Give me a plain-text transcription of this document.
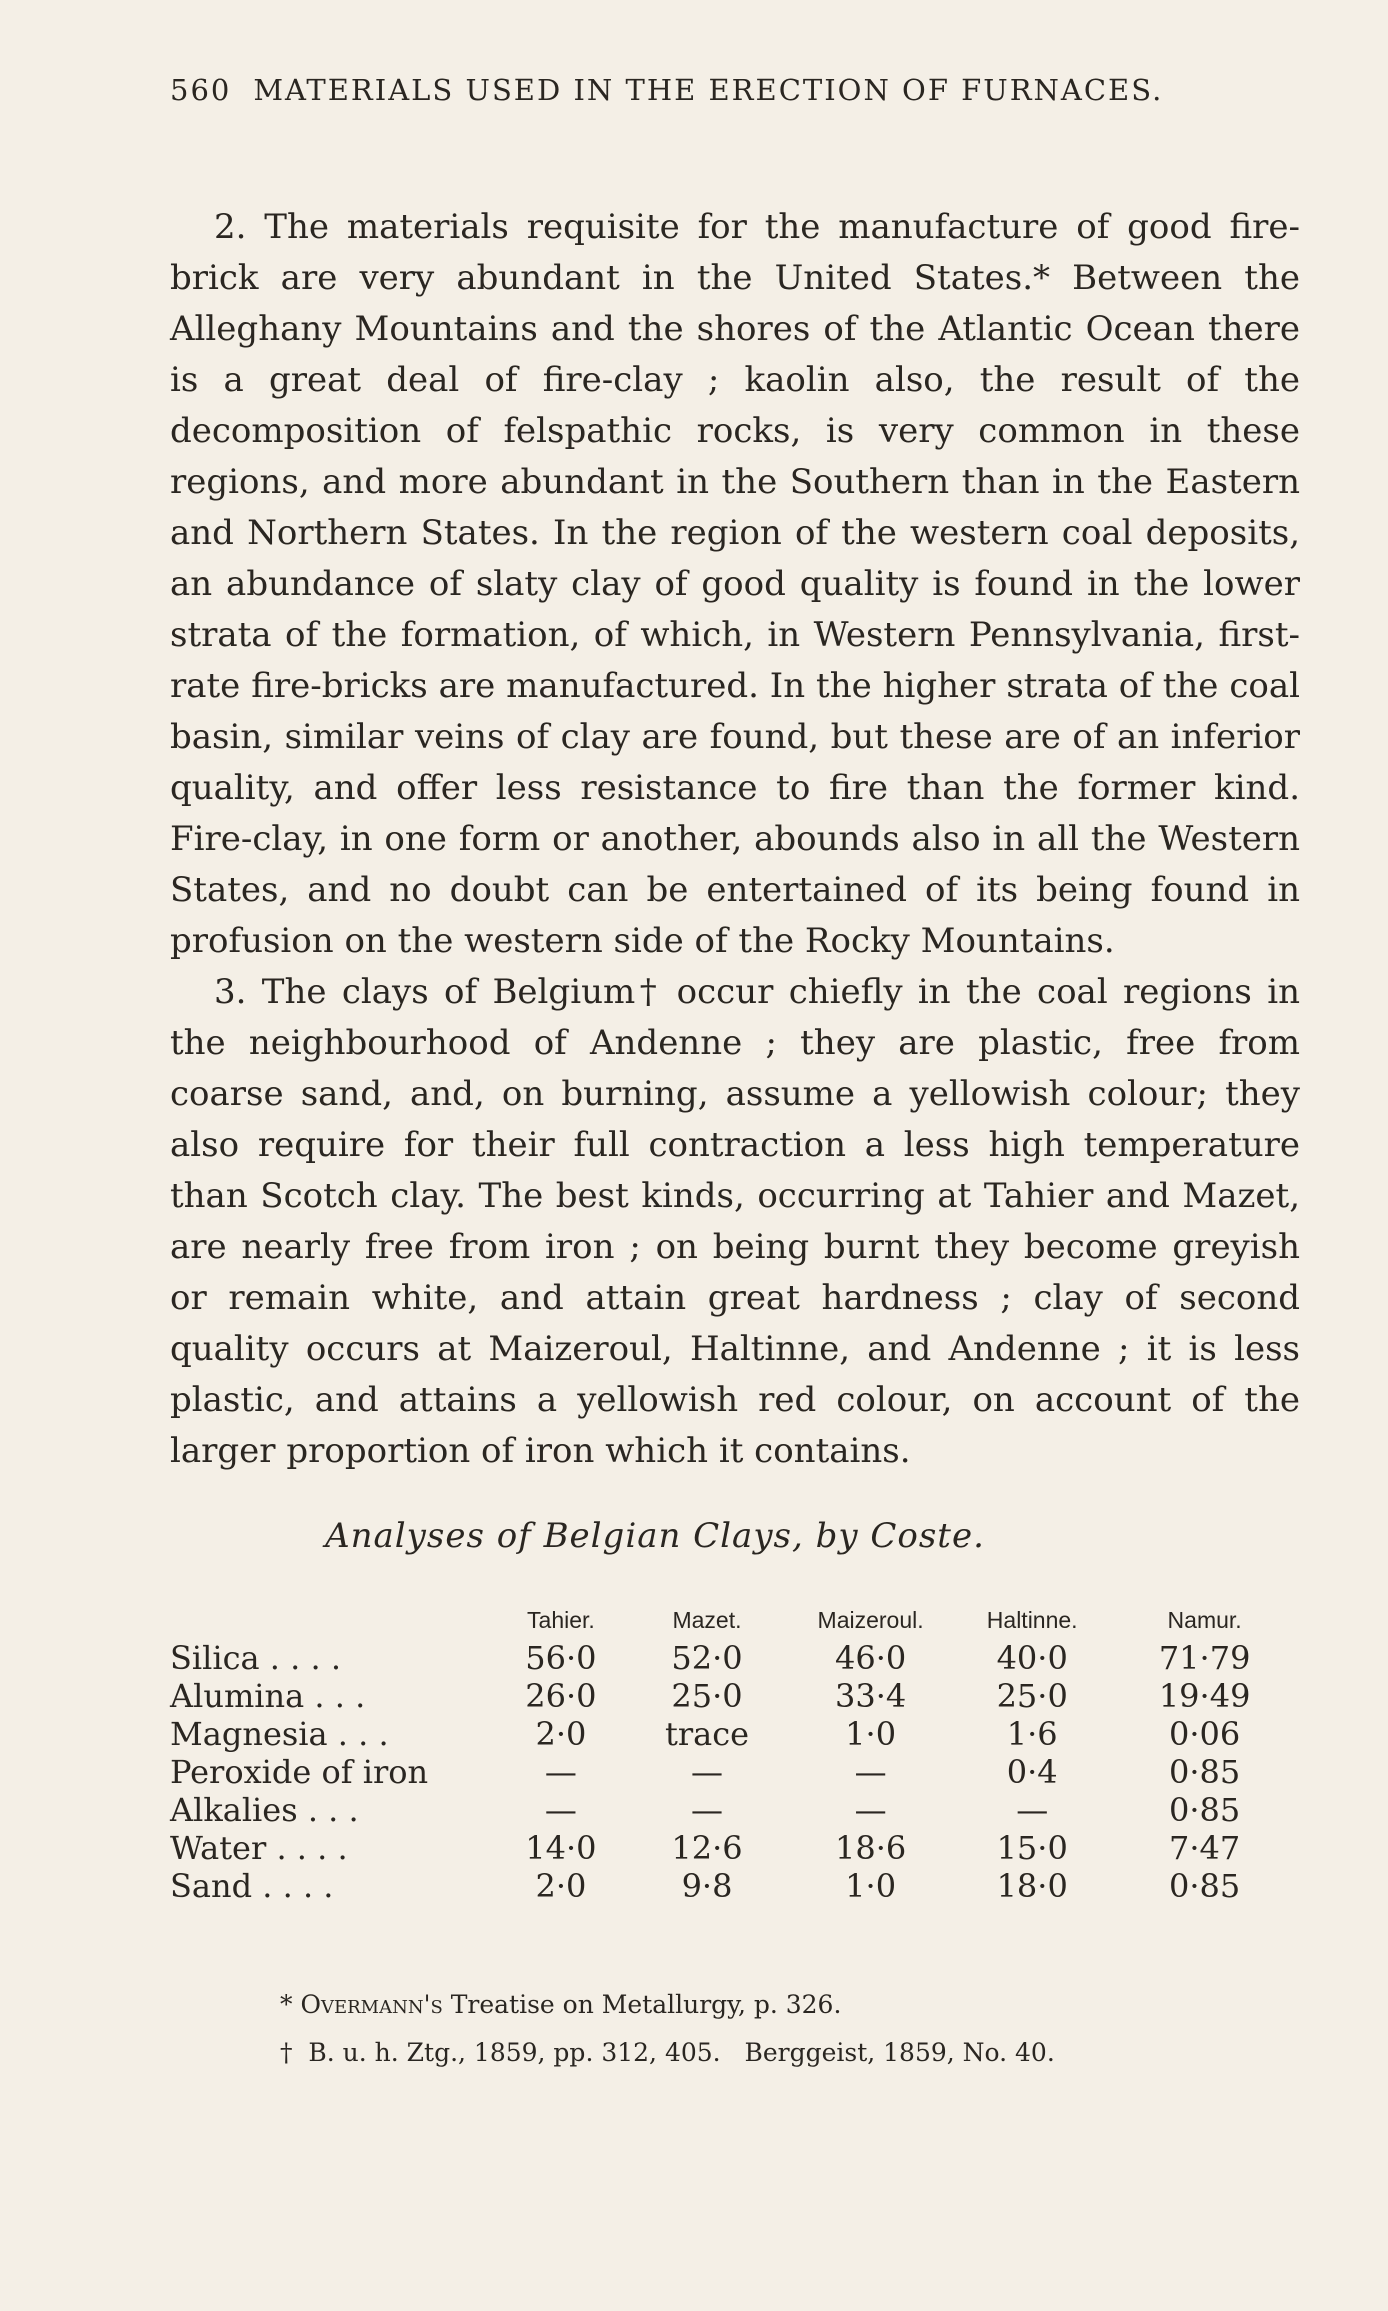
560 MATERIALS USED IN THE ERECTION OF FURNACES.

2. The materials requisite for the manufacture of good fire-brick are very abundant in the United States.* Between the Alleghany Mountains and the shores of the Atlantic Ocean there is a great deal of fire-clay ; kaolin also, the result of the decomposition of felspathic rocks, is very common in these regions, and more abundant in the Southern than in the Eastern and Northern States. In the region of the western coal deposits, an abundance of slaty clay of good quality is found in the lower strata of the formation, of which, in Western Pennsylvania, first-rate fire-bricks are manufactured. In the higher strata of the coal basin, similar veins of clay are found, but these are of an inferior quality, and offer less resistance to fire than the former kind. Fire-clay, in one form or another, abounds also in all the Western States, and no doubt can be entertained of its being found in profusion on the western side of the Rocky Mountains.

3. The clays of Belgium† occur chiefly in the coal regions in the neighbourhood of Andenne ; they are plastic, free from coarse sand, and, on burning, assume a yellowish colour; they also require for their full contraction a less high temperature than Scotch clay. The best kinds, occurring at Tahier and Mazet, are nearly free from iron ; on being burnt they become greyish or remain white, and attain great hardness ; clay of second quality occurs at Maizeroul, Haltinne, and Andenne ; it is less plastic, and attains a yellowish red colour, on account of the larger proportion of iron which it contains.

Analyses of Belgian Clays, by Coste.
	Tahier.	Mazet.	Maizeroul.	Haltinne.	Namur.
Silica . . . .	56·0	52·0	46·0	40·0	71·79
Alumina . . .	26·0	25·0	33·4	25·0	19·49
Magnesia . . .	2·0	trace	1·0	1·6	0·06
Peroxide of iron	—	—	—	0·4	0·85
Alkalies . . .	—	—	—	—	0·85
Water . . . .	14·0	12·6	18·6	15·0	7·47
Sand . . . .	2·0	9·8	1·0	18·0	0·85
* Overmann's Treatise on Metallurgy, p. 326.
†  B. u. h. Ztg., 1859, pp. 312, 405.   Berggeist, 1859, No. 40.
